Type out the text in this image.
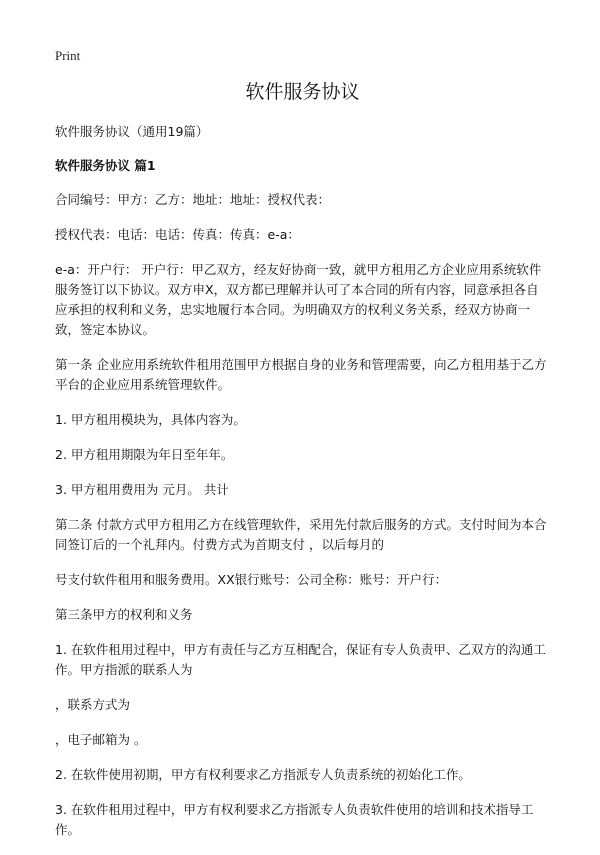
Print
软件服务协议

软件服务协议（通用19篇）

软件服务协议 篇1

合同编号：甲方：乙方：地址：地址：授权代表：

授权代表：电话：电话：传真：传真：e-a：

e-a：开户行： 开户行：甲乙双方，经友好协商一致，就甲方租用乙方企业应用系统软件服务签订以下协议。双方申X，双方都已理解并认可了本合同的所有内容，同意承担各自应承担的权利和义务，忠实地履行本合同。为明确双方的权利义务关系，经双方协商一致，签定本协议。

第一条 企业应用系统软件租用范围甲方根据自身的业务和管理需要，向乙方租用基于乙方平台的企业应用系统管理软件。

1. 甲方租用模块为，具体内容为。

2. 甲方租用期限为年日至年年。

3. 甲方租用费用为 元月。 共计

第二条 付款方式甲方租用乙方在线管理软件，采用先付款后服务的方式。支付时间为本合同签订后的一个礼拜内。付费方式为首期支付 ，以后每月的

号支付软件租用和服务费用。XX银行账号：公司全称：账号：开户行：

第三条甲方的权利和义务

1. 在软件租用过程中，甲方有责任与乙方互相配合，保证有专人负责甲、乙双方的沟通工作。甲方指派的联系人为

，联系方式为

，电子邮箱为 。

2. 在软件使用初期，甲方有权利要求乙方指派专人负责系统的初始化工作。

3. 在软件租用过程中，甲方有权利要求乙方指派专人负责软件使用的培训和技术指导工作。
